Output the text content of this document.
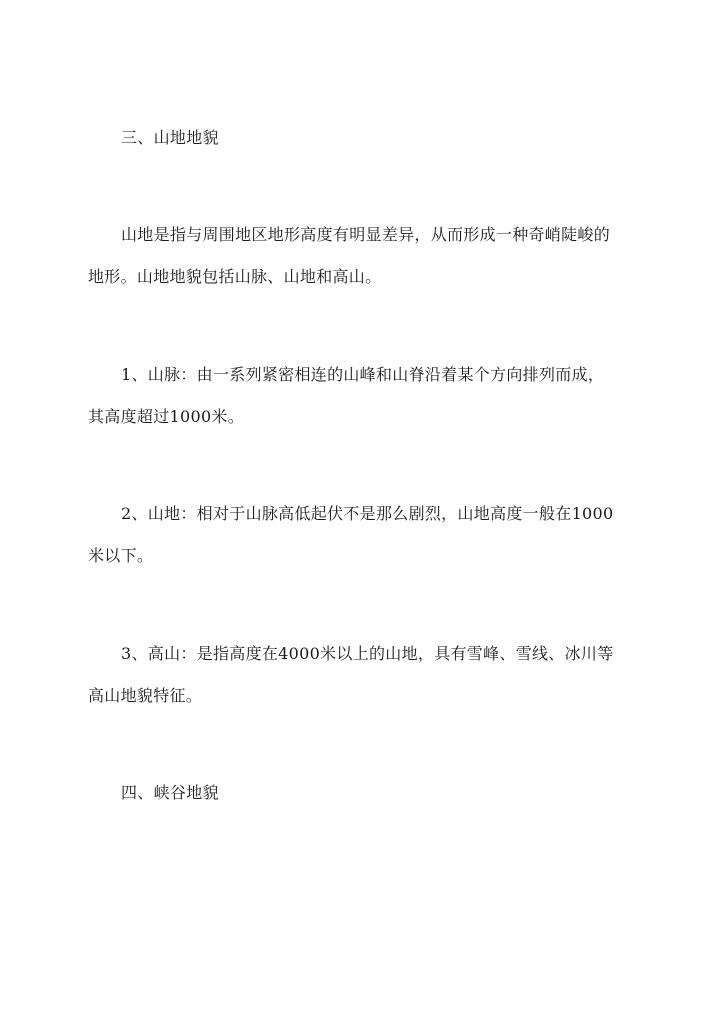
三、山地地貌
山地是指与周围地区地形高度有明显差异，从而形成一种奇峭陡峻的
地形。山地地貌包括山脉、山地和高山。
1、山脉：由一系列紧密相连的山峰和山脊沿着某个方向排列而成，
其高度超过1000米。
2、山地：相对于山脉高低起伏不是那么剧烈，山地高度一般在1000
米以下。
3、高山：是指高度在4000米以上的山地，具有雪峰、雪线、冰川等
高山地貌特征。
四、峡谷地貌
